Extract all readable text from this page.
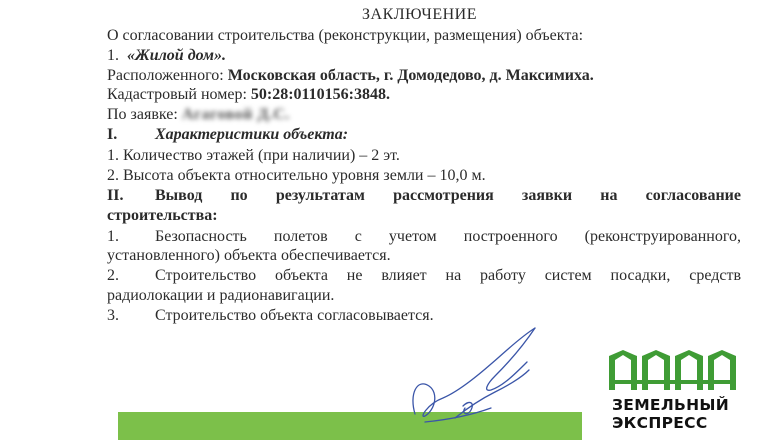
ЗАКЛЮЧЕНИЕ
О согласовании строительства (реконструкции, размещения) объекта:
1. «Жилой дом».
Расположенного: Московская область, г. Домодедово, д. Максимиха.
Кадастровый номер: 50:28:0110156:3848.
По заявке: Агаговой Д.С.
I. Характеристики объекта:
1. Количество этажей (при наличии) – 2 эт.
2. Высота объекта относительно уровня земли – 10,0 м.
II. Вывод по результатам рассмотрения заявки на согласование
строительства:
1. Безопасность полетов с учетом построенного (реконструированного,
установленного) объекта обеспечивается.
2. Строительство объекта не влияет на работу систем посадки, средств
радиолокации и радионавигации.
3. Строительство объекта согласовывается.
ЗЕМЕЛЬНЫЙ
ЭКСПРЕСС
